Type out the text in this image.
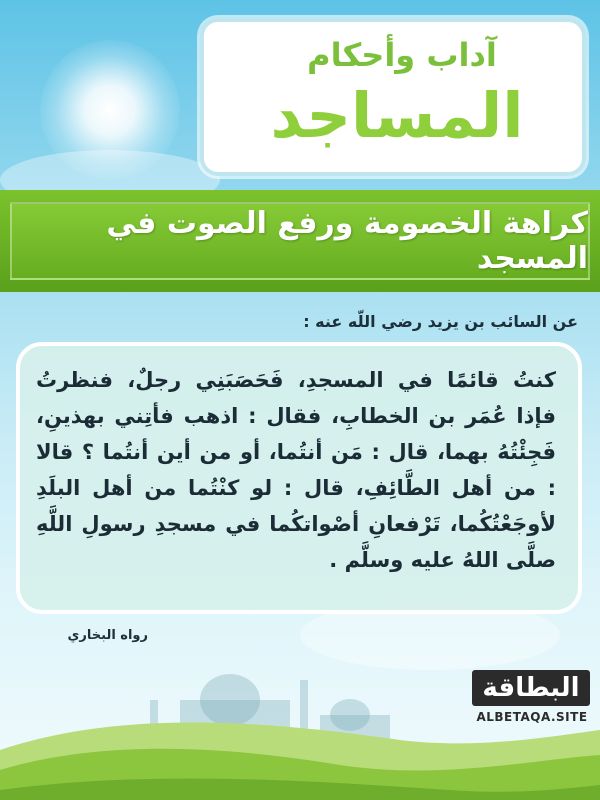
آداب وأحكام
المساجد
كراهة الخصومة ورفع الصوت في المسجد
عن السائب بن يزيد رضي اللّه عنه :
كنتُ قائمًا في المسجدِ، فَحَصَبَنِي رجلٌ، فنظرتُ فإذا عُمَر بن الخطابِ، فقال : اذهب فأتِني بهذينِ، فَجِئْتُهُ بهما، قال : مَن أنتُما، أو من أين أنتُما ؟ قالا : من أهل الطَّائِفِ، قال : لو كنْتُما من أهل البلَدِ لأوجَعْتُكُما، تَرْفعانِ أصْواتكُما في مسجدِ رسولِ اللَّهِ صلَّى اللهُ عليه وسلَّم .
رواه البخاري
البطاقة
ALBETAQA.SITE
